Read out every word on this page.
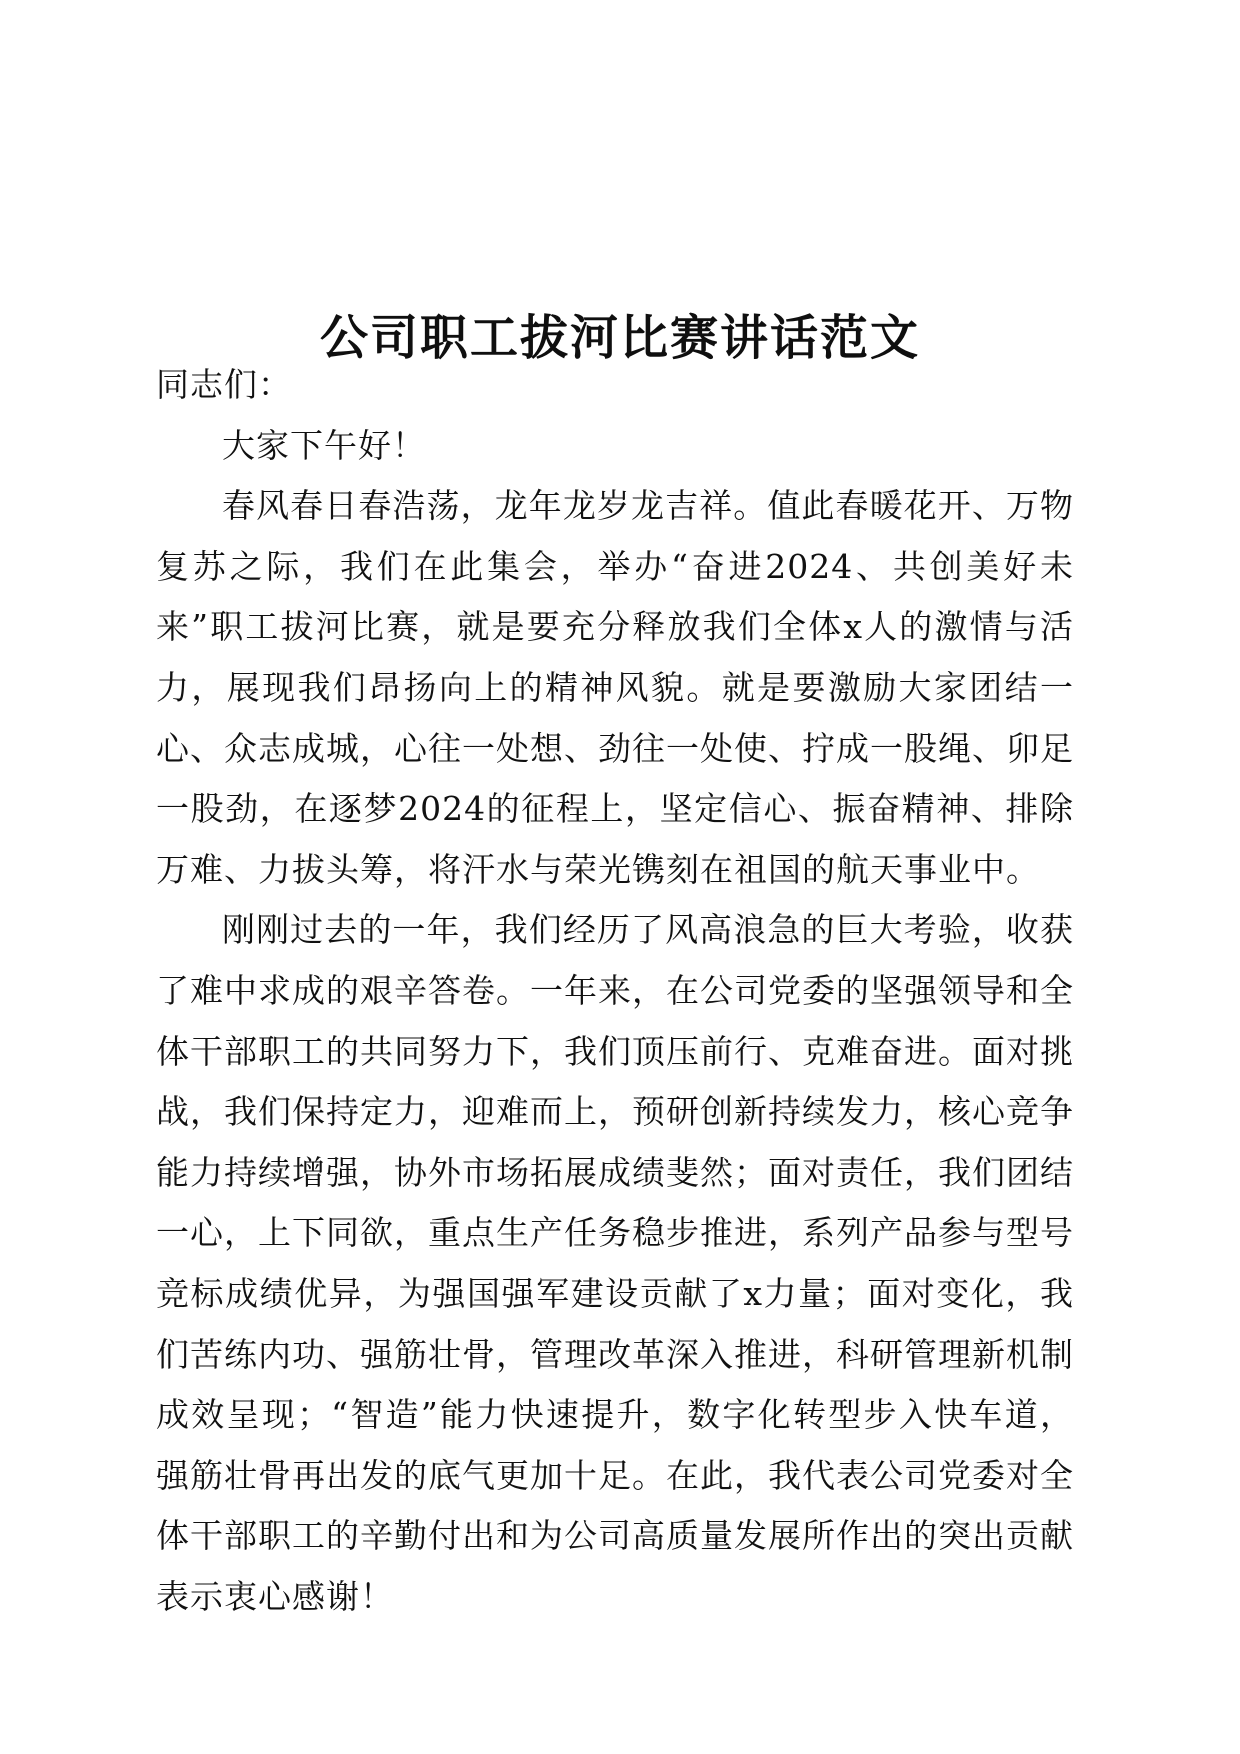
公司职工拔河比赛讲话范文

同志们：

大家下午好！

春风春日春浩荡，龙年龙岁龙吉祥。值此春暖花开、万物复苏之际，我们在此集会，举办“奋进2024、共创美好未来”职工拔河比赛，就是要充分释放我们全体x人的激情与活力，展现我们昂扬向上的精神风貌。就是要激励大家团结一心、众志成城，心往一处想、劲往一处使、拧成一股绳、卯足一股劲，在逐梦2024的征程上，坚定信心、振奋精神、排除万难、力拔头筹，将汗水与荣光镌刻在祖国的航天事业中。

刚刚过去的一年，我们经历了风高浪急的巨大考验，收获了难中求成的艰辛答卷。一年来，在公司党委的坚强领导和全体干部职工的共同努力下，我们顶压前行、克难奋进。面对挑战，我们保持定力，迎难而上，预研创新持续发力，核心竞争能力持续增强，协外市场拓展成绩斐然；面对责任，我们团结一心，上下同欲，重点生产任务稳步推进，系列产品参与型号竞标成绩优异，为强国强军建设贡献了x力量；面对变化，我们苦练内功、强筋壮骨，管理改革深入推进，科研管理新机制成效呈现；“智造”能力快速提升，数字化转型步入快车道，强筋壮骨再出发的底气更加十足。在此，我代表公司党委对全体干部职工的辛勤付出和为公司高质量发展所作出的突出贡献表示衷心感谢！
